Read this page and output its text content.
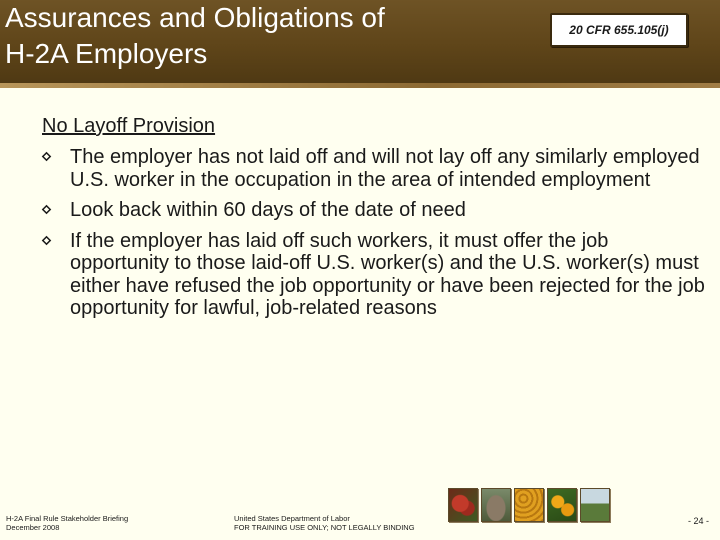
Assurances and Obligations of
H-2A Employers
20 CFR 655.105(j)

No Layoff Provision

The employer has not laid off and will not lay off any similarly employed U.S. worker in the occupation in the area of intended employment
Look back within 60 days of the date of need
If the employer has laid off such workers, it must offer the job opportunity to those laid-off U.S. worker(s) and the U.S. worker(s) must either have refused the job opportunity or have been rejected for the job opportunity for lawful, job-related reasons
H-2A Final Rule Stakeholder Briefing
December 2008
United States Department of Labor
FOR TRAINING USE ONLY; NOT LEGALLY BINDING
- 24 -
